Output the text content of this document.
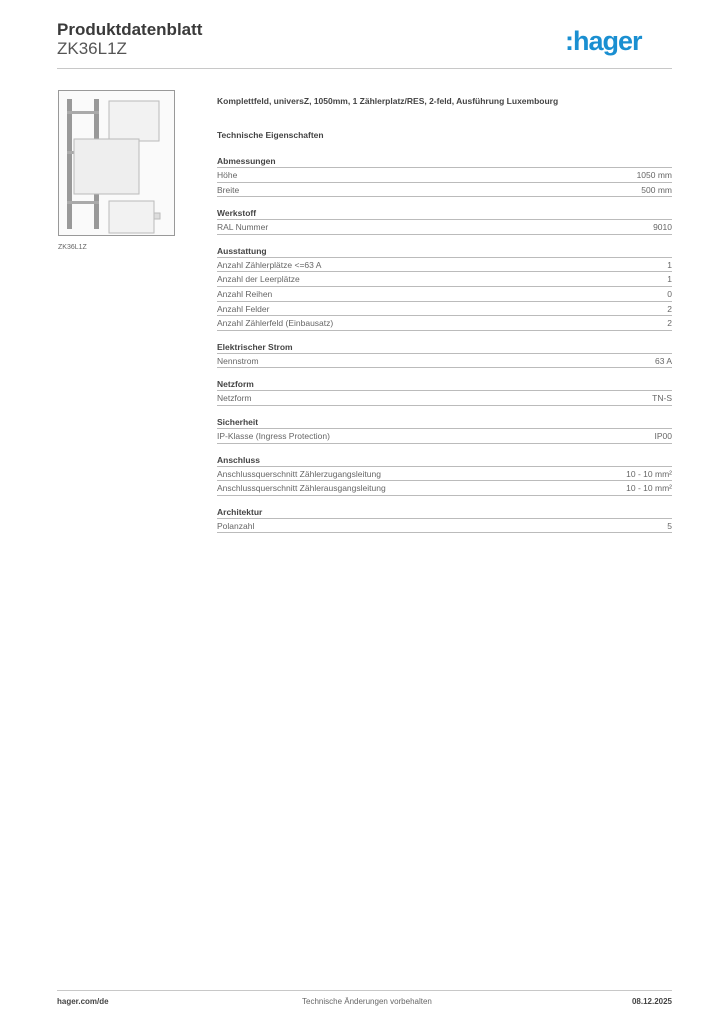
Produktdatenblatt
ZK36L1Z	:hager
ZK36L1Z
Komplettfeld, universZ, 1050mm, 1 Zählerplatz/RES, 2-feld, Ausführung Luxembourg
Technische Eigenschaften
Abmessungen
Höhe	1050 mm
Breite	500 mm
Werkstoff
RAL Nummer	9010
Ausstattung
Anzahl Zählerplätze <=63 A	1
Anzahl der Leerplätze	1
Anzahl Reihen	0
Anzahl Felder	2
Anzahl Zählerfeld (Einbausatz)	2
Elektrischer Strom
Nennstrom	63 A
Netzform
Netzform	TN-S
Sicherheit
IP-Klasse (Ingress Protection)	IP00
Anschluss
Anschlussquerschnitt Zählerzugangsleitung	10 - 10 mm²
Anschlussquerschnitt Zählerausgangsleitung	10 - 10 mm²
Architektur
Polanzahl	5
hager.com/de	Technische Änderungen vorbehalten	08.12.2025
